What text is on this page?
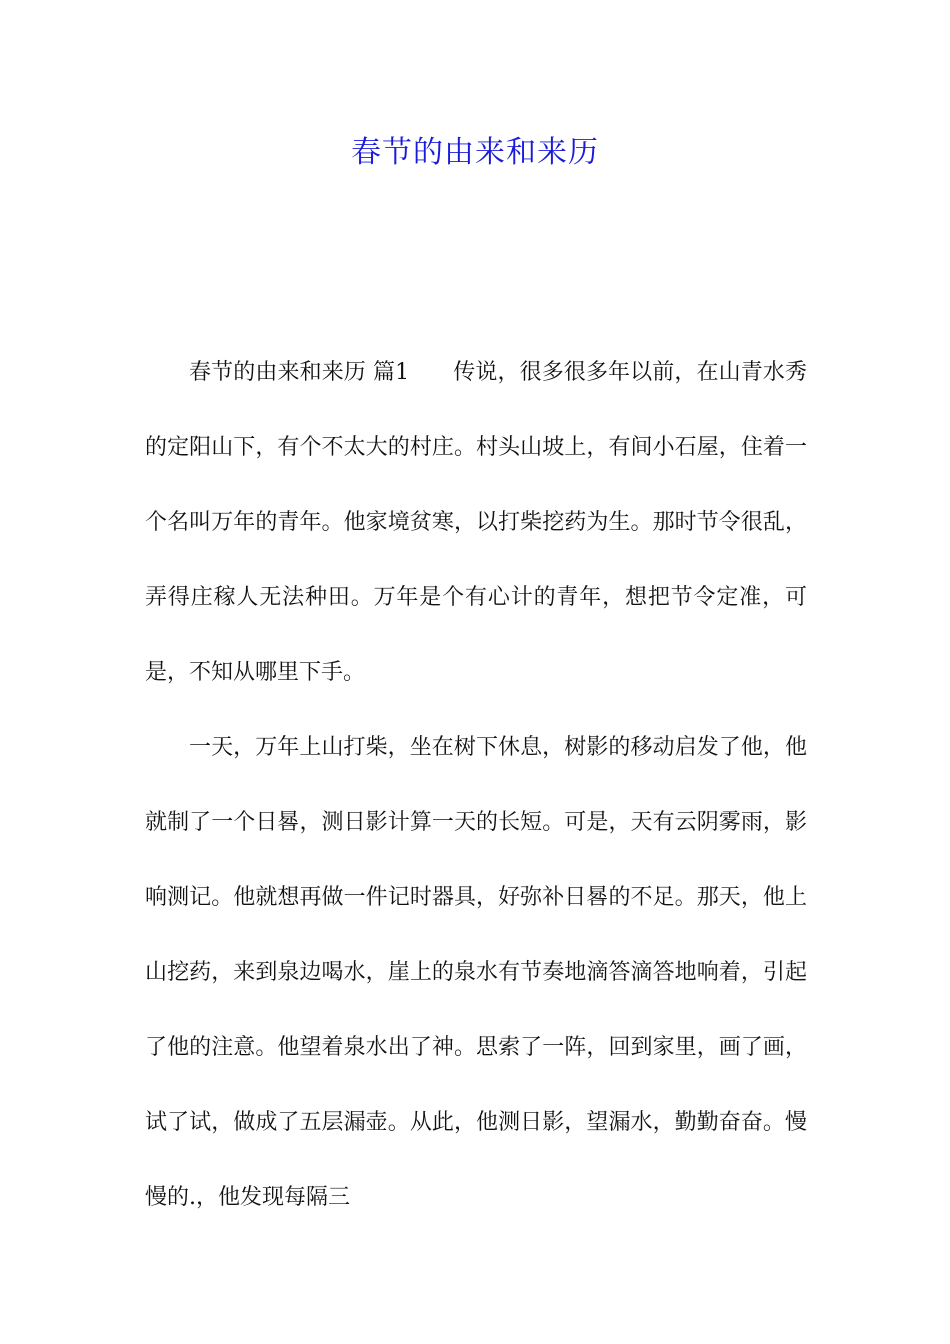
春节的由来和来历

春节的由来和来历 篇1 传说，很多很多年以前，在山青水秀的定阳山下，有个不太大的村庄。村头山坡上，有间小石屋，住着一个名叫万年的青年。他家境贫寒，以打柴挖药为生。那时节令很乱，弄得庄稼人无法种田。万年是个有心计的青年，想把节令定准，可是，不知从哪里下手。

一天，万年上山打柴，坐在树下休息，树影的移动启发了他，他就制了一个日晷，测日影计算一天的长短。可是，天有云阴雾雨，影响测记。他就想再做一件记时器具，好弥补日晷的不足。那天，他上山挖药，来到泉边喝水，崖上的泉水有节奏地滴答滴答地响着，引起了他的注意。他望着泉水出了神。思索了一阵，回到家里，画了画，试了试，做成了五层漏壶。从此，他测日影，望漏水，勤勤奋奋。慢慢的.，他发现每隔三
